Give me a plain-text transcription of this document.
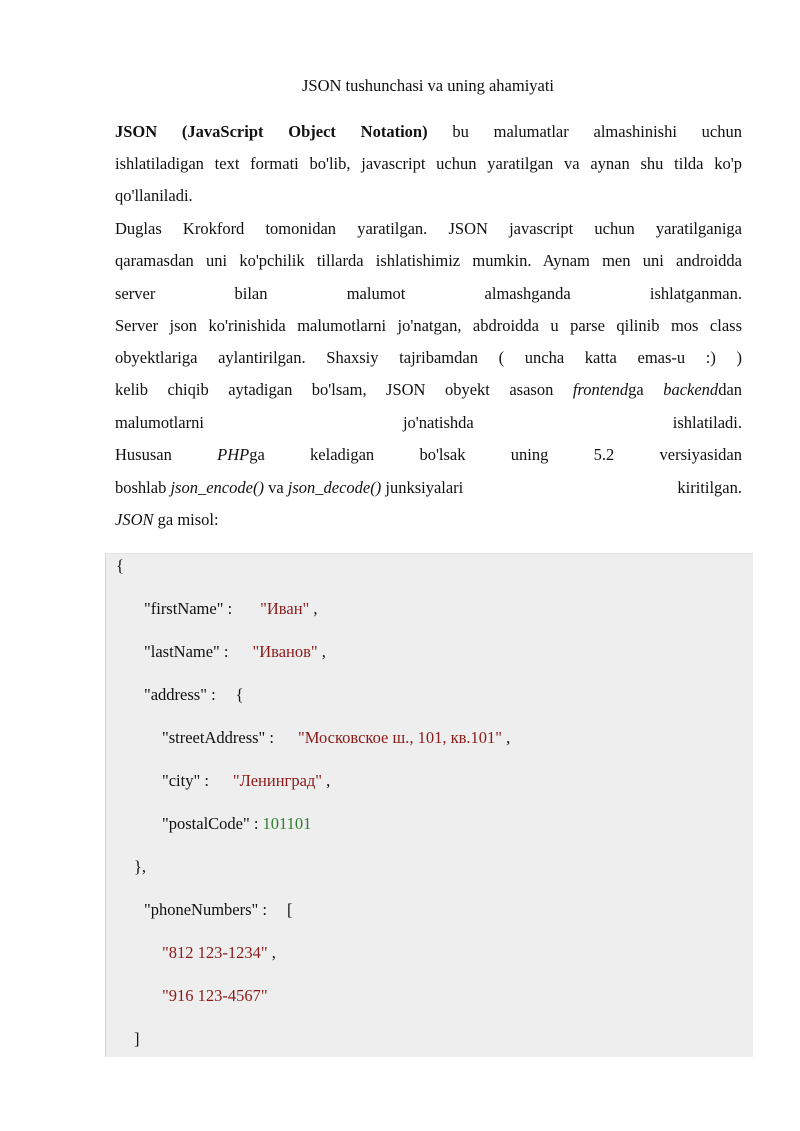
JSON tushunchasi va uning ahamiyati
JSON (JavaScript Object Notation) bu malumatlar almashinishi uchun
ishlatiladigan text formati bo'lib, javascript uchun yaratilgan va aynan shu tilda ko'p
qo'llaniladi.
Duglas Krokford tomonidan yaratilgan. JSON javascript uchun yaratilganiga
qaramasdan uni ko'pchilik tillarda ishlatishimiz mumkin. Aynam men uni androidda
server bilan malumot almashganda ishlatganman.
Server json ko'rinishida malumotlarni jo'natgan, abdroidda u parse qilinib mos class
obyektlariga aylantirilgan. Shaxsiy tajribamdan ( uncha katta emas-u :) )
kelib chiqib aytadigan bo'lsam, JSON obyekt asason frontendga backenddan
malumotlarni jo'natishda ishlatiladi.
Hususan	PHPga keladigan bo'lsak uning 5.2 versiyasidan
boshlab json_encode() va json_decode() junksiyalari	kiritilgan.
JSON ga misol:
{
"firstName" : "Иван" ,
"lastName" : "Иванов" ,
"address" : {
"streetAddress" : "Московское ш., 101, кв.101" ,
"city" : "Ленинград" ,
"postalCode" : 101101
},
"phoneNumbers" : [
"812 123-1234" ,
"916 123-4567"
]
